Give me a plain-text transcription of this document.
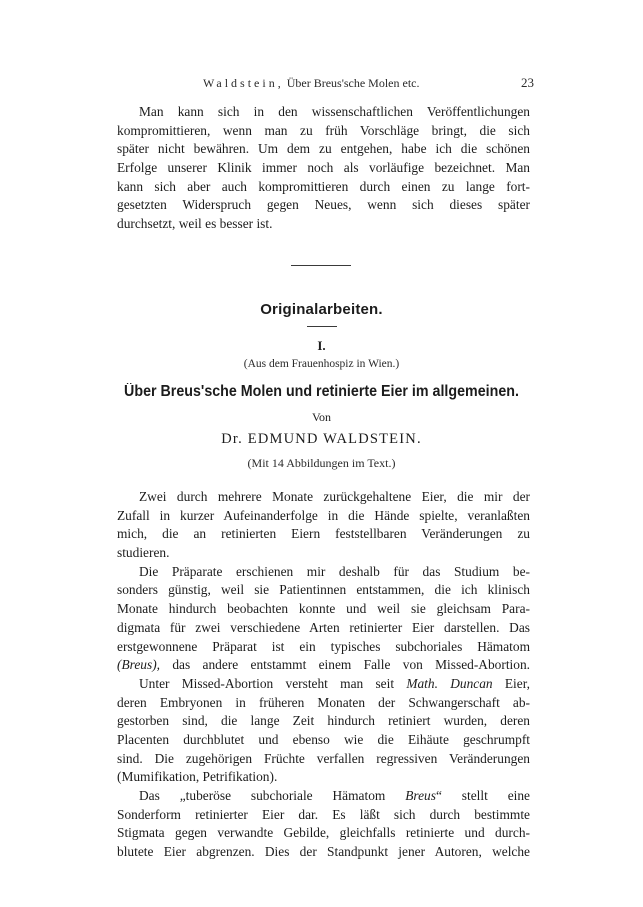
Waldstein, Über Breus'sche Molen etc.	23
Man kann sich in den wissenschaftlichen Veröffentlichungen
kompromittieren, wenn man zu früh Vorschläge bringt, die sich
später nicht bewähren. Um dem zu entgehen, habe ich die schönen
Erfolge unserer Klinik immer noch als vorläufige bezeichnet. Man
kann sich aber auch kompromittieren durch einen zu lange fort-
gesetzten Widerspruch gegen Neues, wenn sich dieses später
durchsetzt, weil es besser ist.
Originalarbeiten.
I.
(Aus dem Frauenhospiz in Wien.)
Über Breus'sche Molen und retinierte Eier im allgemeinen.
Von
Dr. EDMUND WALDSTEIN.
(Mit 14 Abbildungen im Text.)
Zwei durch mehrere Monate zurückgehaltene Eier, die mir der
Zufall in kurzer Aufeinanderfolge in die Hände spielte, veranlaßten
mich, die an retinierten Eiern feststellbaren Veränderungen zu
studieren.
Die Präparate erschienen mir deshalb für das Studium be-
sonders günstig, weil sie Patientinnen entstammen, die ich klinisch
Monate hindurch beobachten konnte und weil sie gleichsam Para-
digmata für zwei verschiedene Arten retinierter Eier darstellen. Das
erstgewonnene Präparat ist ein typisches subchoriales Hämatom
(Breus), das andere entstammt einem Falle von Missed-Abortion.
Unter Missed-Abortion versteht man seit Math. Duncan Eier,
deren Embryonen in früheren Monaten der Schwangerschaft ab-
gestorben sind, die lange Zeit hindurch retiniert wurden, deren
Placenten durchblutet und ebenso wie die Eihäute geschrumpft
sind. Die zugehörigen Früchte verfallen regressiven Veränderungen
(Mumifikation, Petrifikation).
Das „tuberöse subchoriale Hämatom Breus“ stellt eine
Sonderform retinierter Eier dar. Es läßt sich durch bestimmte
Stigmata gegen verwandte Gebilde, gleichfalls retinierte und durch-
blutete Eier abgrenzen. Dies der Standpunkt jener Autoren, welche
